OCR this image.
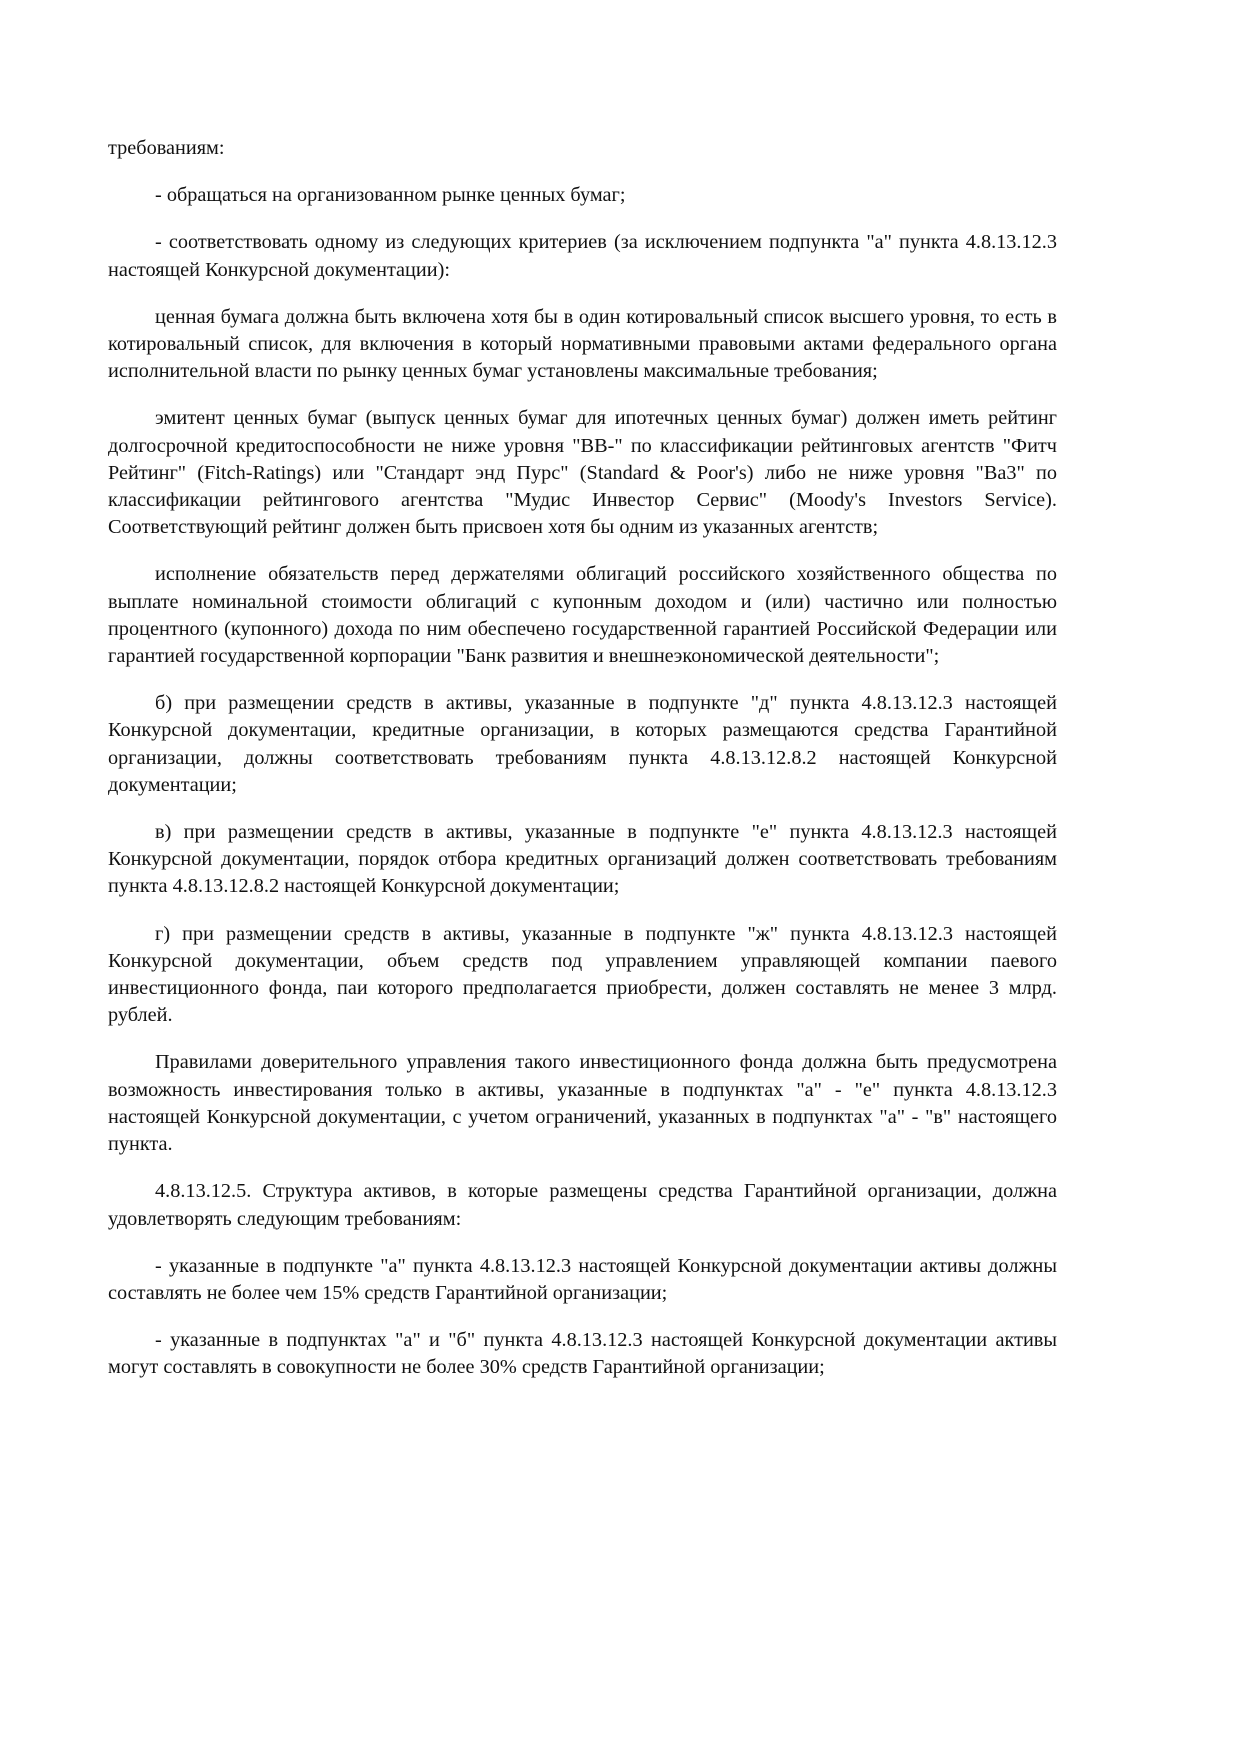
требованиям:

- обращаться на организованном рынке ценных бумаг;

- соответствовать одному из следующих критериев (за исключением подпункта "а" пункта 4.8.13.12.3 настоящей Конкурсной документации):

ценная бумага должна быть включена хотя бы в один котировальный список высшего уровня, то есть в котировальный список, для включения в который нормативными правовыми актами федерального органа исполнительной власти по рынку ценных бумаг установлены максимальные требования;

эмитент ценных бумаг (выпуск ценных бумаг для ипотечных ценных бумаг) должен иметь рейтинг долгосрочной кредитоспособности не ниже уровня "ВВ-" по классификации рейтинговых агентств "Фитч Рейтинг" (Fitch-Ratings) или "Стандарт энд Пурс" (Standard & Poor's) либо не ниже уровня "Ва3" по классификации рейтингового агентства "Мудис Инвестор Сервис" (Moody's Investors Service). Соответствующий рейтинг должен быть присвоен хотя бы одним из указанных агентств;

исполнение обязательств перед держателями облигаций российского хозяйственного общества по выплате номинальной стоимости облигаций с купонным доходом и (или) частично или полностью процентного (купонного) дохода по ним обеспечено государственной гарантией Российской Федерации или гарантией государственной корпорации "Банк развития и внешнеэкономической деятельности";

б) при размещении средств в активы, указанные в подпункте "д" пункта 4.8.13.12.3 настоящей Конкурсной документации, кредитные организации, в которых размещаются средства Гарантийной организации, должны соответствовать требованиям пункта 4.8.13.12.8.2 настоящей Конкурсной документации;

в) при размещении средств в активы, указанные в подпункте "е" пункта 4.8.13.12.3 настоящей Конкурсной документации, порядок отбора кредитных организаций должен соответствовать требованиям пункта 4.8.13.12.8.2 настоящей Конкурсной документации;

г) при размещении средств в активы, указанные в подпункте "ж" пункта 4.8.13.12.3 настоящей Конкурсной документации, объем средств под управлением управляющей компании паевого инвестиционного фонда, паи которого предполагается приобрести, должен составлять не менее 3 млрд. рублей.

Правилами доверительного управления такого инвестиционного фонда должна быть предусмотрена возможность инвестирования только в активы, указанные в подпунктах "а" - "е" пункта 4.8.13.12.3 настоящей Конкурсной документации, с учетом ограничений, указанных в подпунктах "а" - "в" настоящего пункта.

4.8.13.12.5. Структура активов, в которые размещены средства Гарантийной организации, должна удовлетворять следующим требованиям:

- указанные в подпункте "а" пункта 4.8.13.12.3 настоящей Конкурсной документации активы должны составлять не более чем 15% средств Гарантийной организации;

- указанные в подпунктах "а" и "б" пункта 4.8.13.12.3 настоящей Конкурсной документации активы могут составлять в совокупности не более 30% средств Гарантийной организации;
